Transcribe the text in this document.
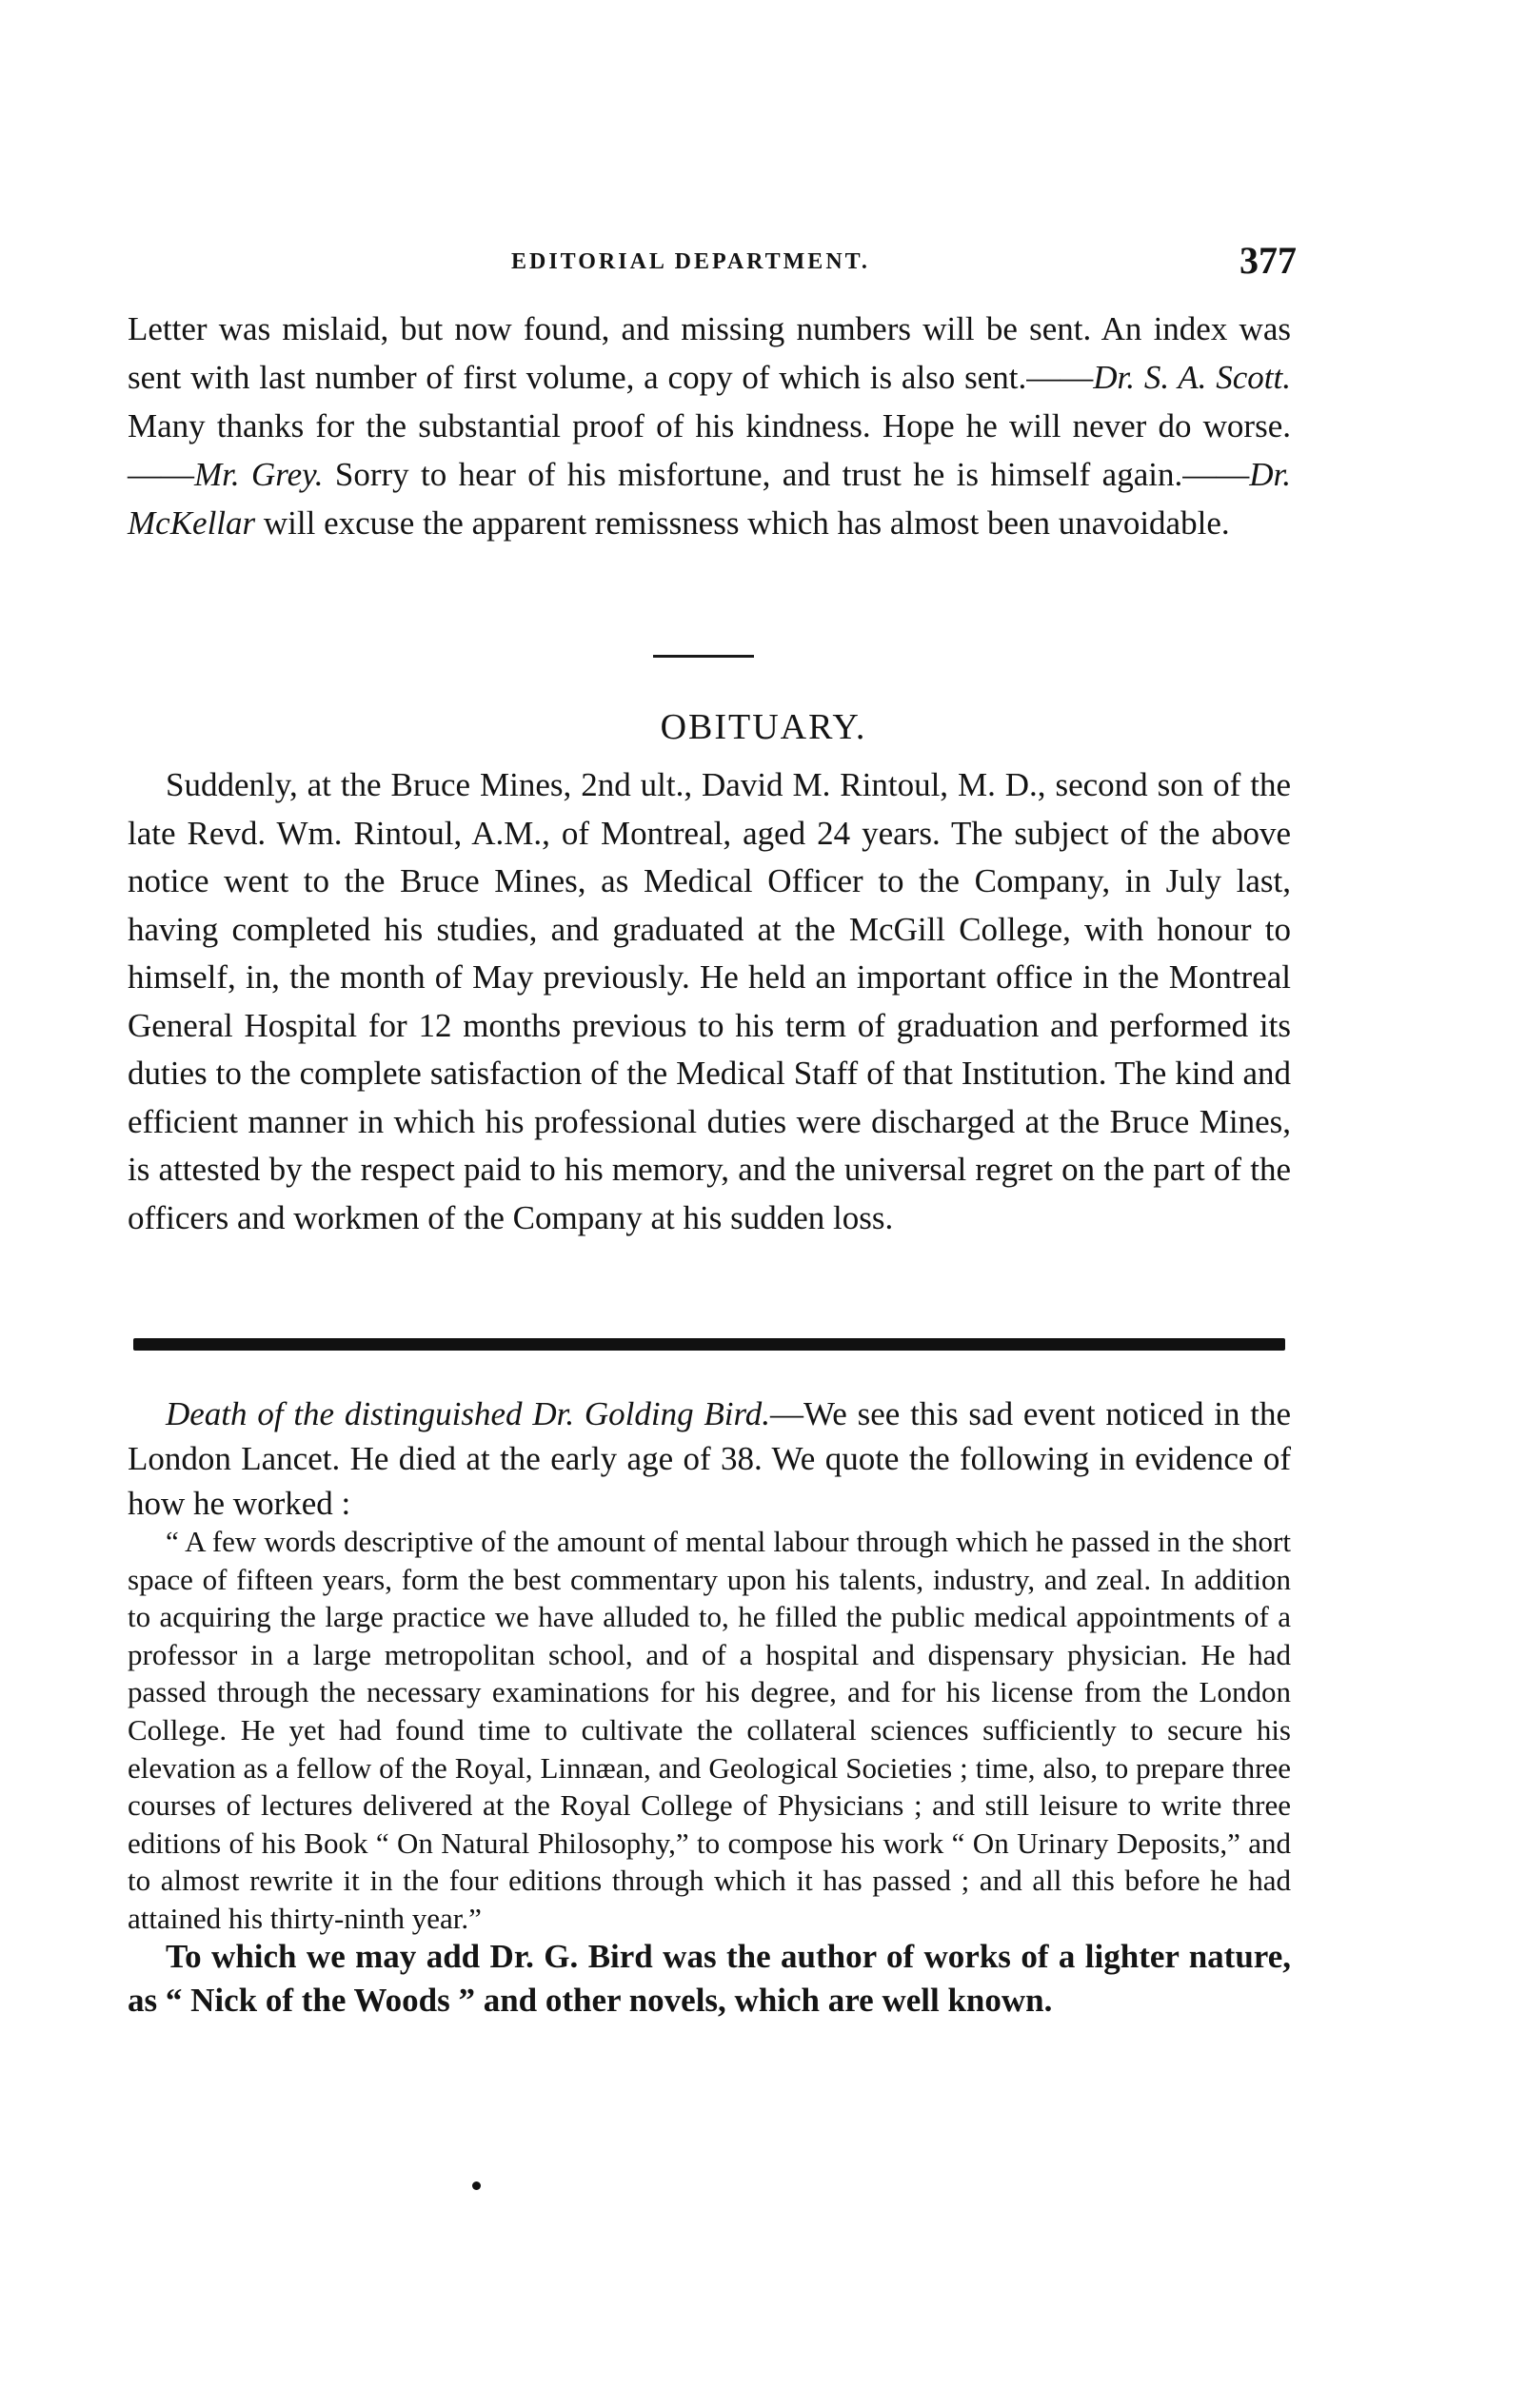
EDITORIAL DEPARTMENT.	377

Letter was mislaid, but now found, and missing numbers will be sent. An index was sent with last number of first volume, a copy of which is also sent.——Dr. S. A. Scott. Many thanks for the substantial proof of his kindness. Hope he will never do worse.——Mr. Grey. Sorry to hear of his misfortune, and trust he is himself again.——Dr. McKellar will excuse the apparent remissness which has almost been unavoidable.

OBITUARY.

Suddenly, at the Bruce Mines, 2nd ult., David M. Rintoul, M. D., second son of the late Revd. Wm. Rintoul, A.M., of Montreal, aged 24 years. The subject of the above notice went to the Bruce Mines, as Medical Officer to the Company, in July last, having completed his studies, and graduated at the McGill College, with honour to himself, in, the month of May previously. He held an important office in the Montreal General Hospital for 12 months previous to his term of graduation and performed its duties to the complete satisfaction of the Medical Staff of that Institution. The kind and efficient manner in which his professional duties were discharged at the Bruce Mines, is attested by the respect paid to his memory, and the universal regret on the part of the officers and workmen of the Company at his sudden loss.

Death of the distinguished Dr. Golding Bird.—We see this sad event noticed in the London Lancet. He died at the early age of 38. We quote the following in evidence of how he worked :

“ A few words descriptive of the amount of mental labour through which he passed in the short space of fifteen years, form the best commentary upon his talents, industry, and zeal. In addition to acquiring the large practice we have alluded to, he filled the public medical appointments of a professor in a large metropolitan school, and of a hospital and dispensary physician. He had passed through the necessary examinations for his degree, and for his license from the London College. He yet had found time to cultivate the collateral sciences sufficiently to secure his elevation as a fellow of the Royal, Linnæan, and Geological Societies ; time, also, to prepare three courses of lectures delivered at the Royal College of Physicians ; and still leisure to write three editions of his Book “ On Natural Philosophy,” to compose his work “ On Urinary Deposits,” and to almost rewrite it in the four editions through which it has passed ; and all this before he had attained his thirty-ninth year.”

To which we may add Dr. G. Bird was the author of works of a lighter nature, as “ Nick of the Woods ” and other novels, which are well known.
